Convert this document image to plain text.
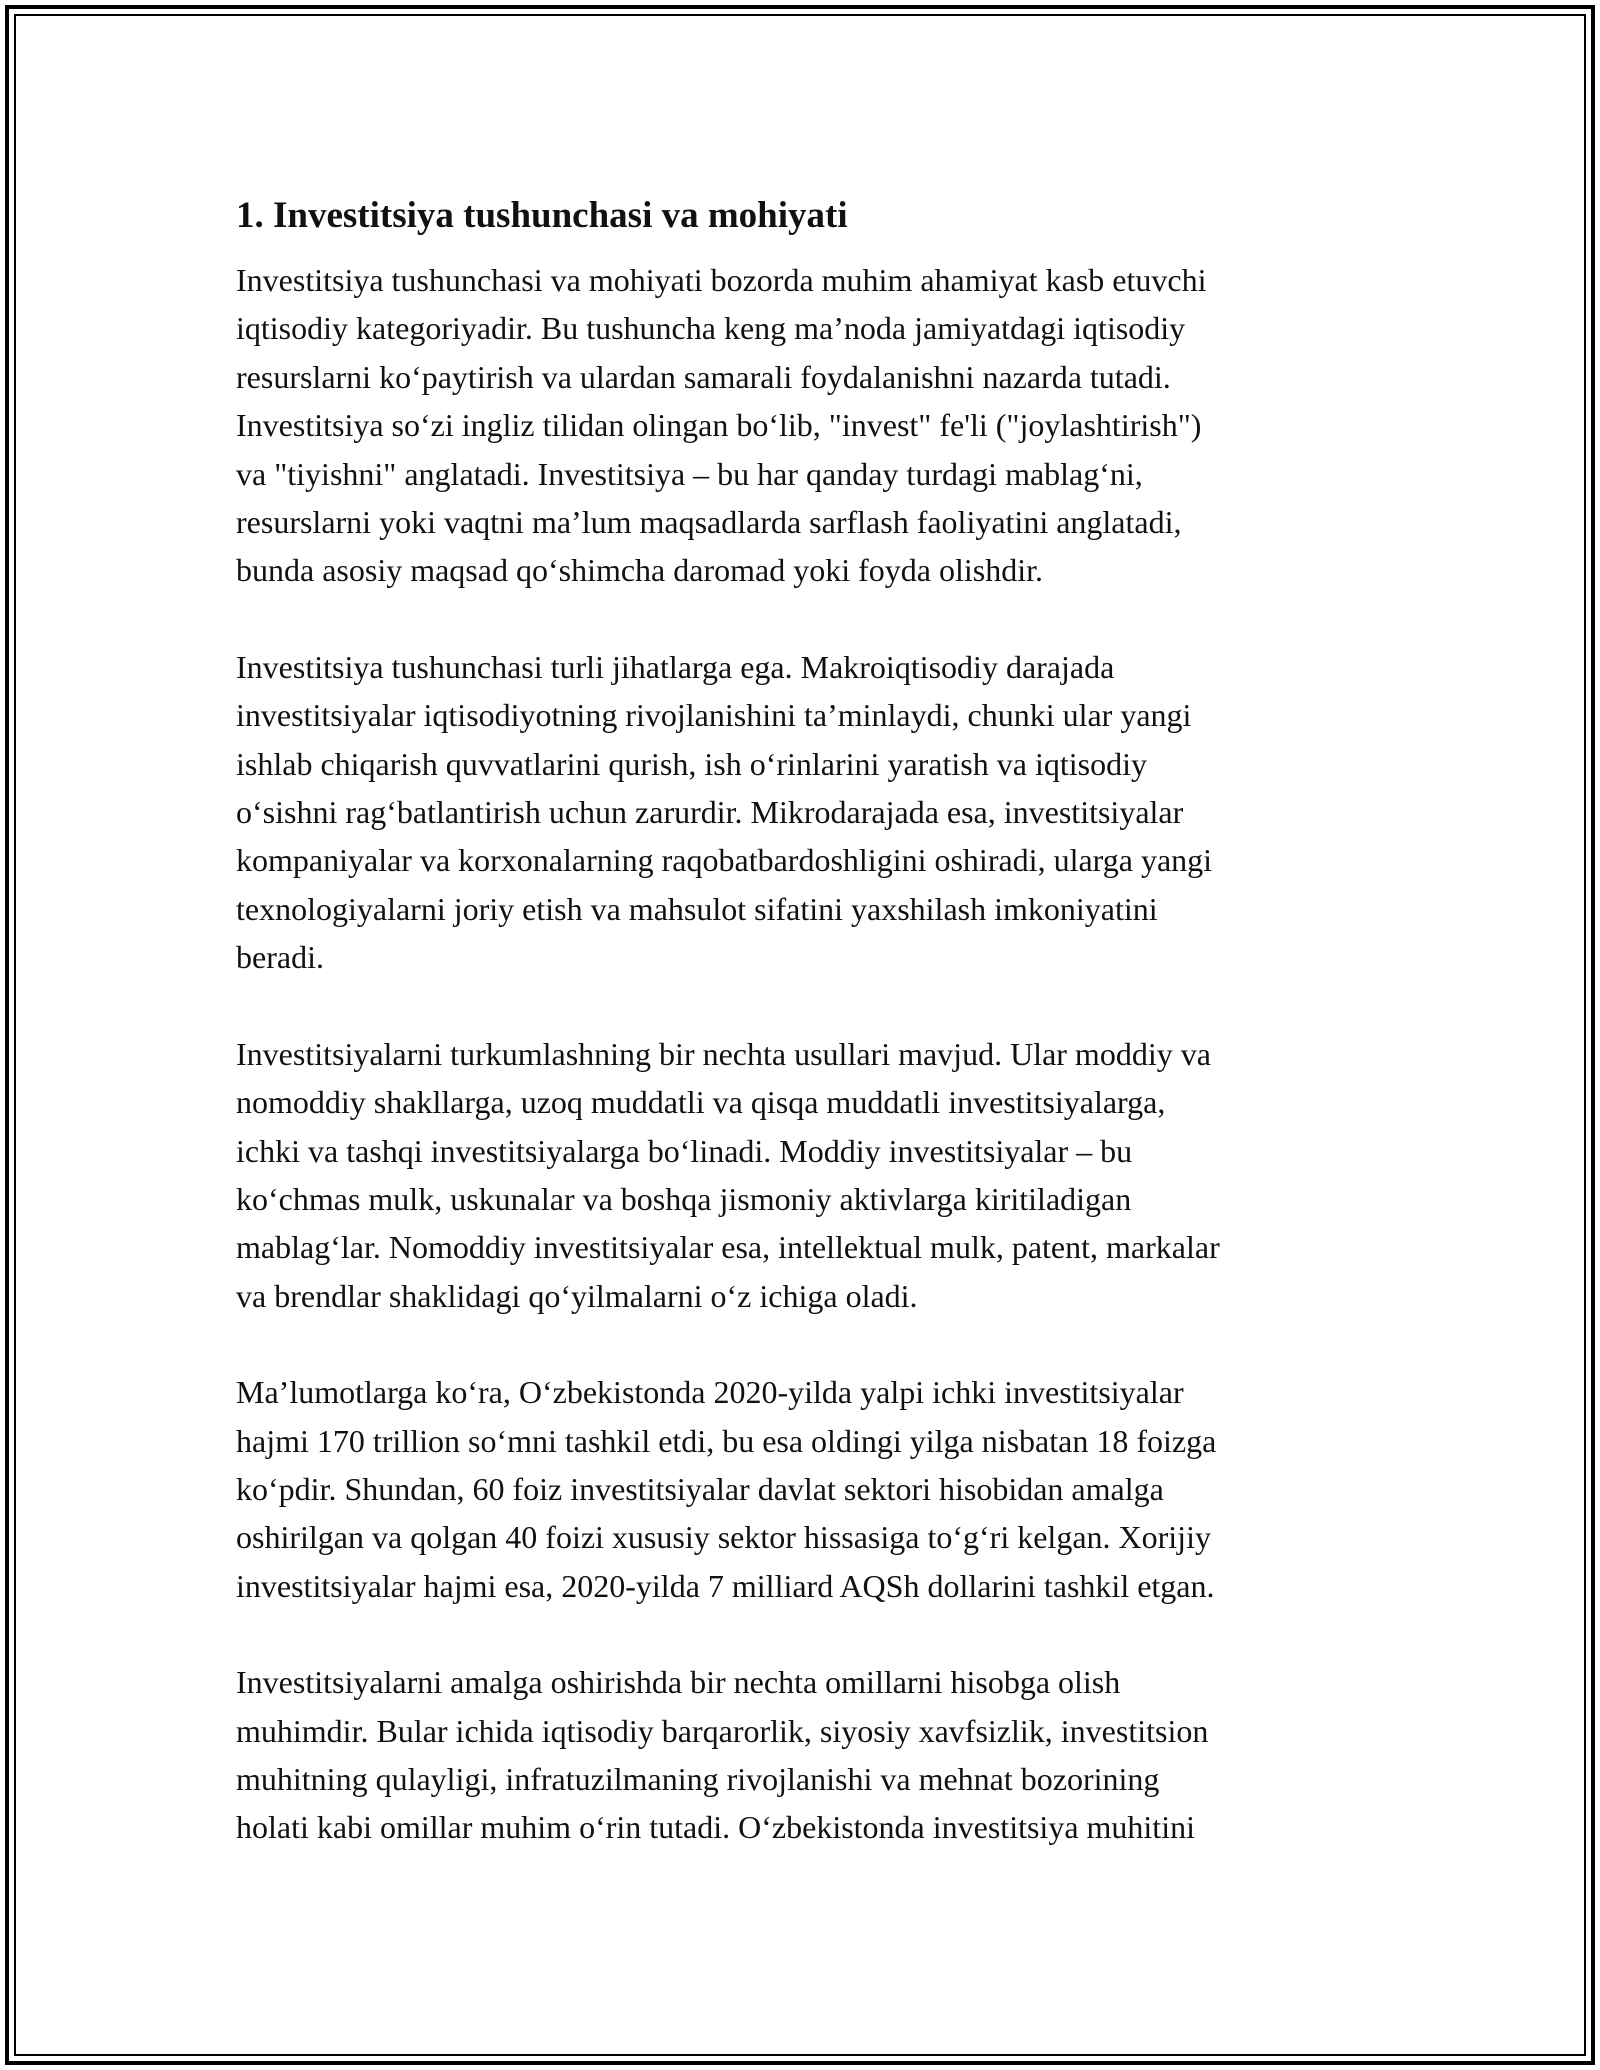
1. Investitsiya tushunchasi va mohiyati
Investitsiya tushunchasi va mohiyati bozorda muhim ahamiyat kasb etuvchi
iqtisodiy kategoriyadir. Bu tushuncha keng ma’noda jamiyatdagi iqtisodiy
resurslarni ko‘paytirish va ulardan samarali foydalanishni nazarda tutadi.
Investitsiya so‘zi ingliz tilidan olingan bo‘lib, "invest" fe'li ("joylashtirish")
va "tiyishni" anglatadi. Investitsiya – bu har qanday turdagi mablag‘ni,
resurslarni yoki vaqtni ma’lum maqsadlarda sarflash faoliyatini anglatadi,
bunda asosiy maqsad qo‘shimcha daromad yoki foyda olishdir.
Investitsiya tushunchasi turli jihatlarga ega. Makroiqtisodiy darajada
investitsiyalar iqtisodiyotning rivojlanishini ta’minlaydi, chunki ular yangi
ishlab chiqarish quvvatlarini qurish, ish o‘rinlarini yaratish va iqtisodiy
o‘sishni rag‘batlantirish uchun zarurdir. Mikrodarajada esa, investitsiyalar
kompaniyalar va korxonalarning raqobatbardoshligini oshiradi, ularga yangi
texnologiyalarni joriy etish va mahsulot sifatini yaxshilash imkoniyatini
beradi.
Investitsiyalarni turkumlashning bir nechta usullari mavjud. Ular moddiy va
nomoddiy shakllarga, uzoq muddatli va qisqa muddatli investitsiyalarga,
ichki va tashqi investitsiyalarga bo‘linadi. Moddiy investitsiyalar – bu
ko‘chmas mulk, uskunalar va boshqa jismoniy aktivlarga kiritiladigan
mablag‘lar. Nomoddiy investitsiyalar esa, intellektual mulk, patent, markalar
va brendlar shaklidagi qo‘yilmalarni o‘z ichiga oladi.
Ma’lumotlarga ko‘ra, O‘zbekistonda 2020-yilda yalpi ichki investitsiyalar
hajmi 170 trillion so‘mni tashkil etdi, bu esa oldingi yilga nisbatan 18 foizga
ko‘pdir. Shundan, 60 foiz investitsiyalar davlat sektori hisobidan amalga
oshirilgan va qolgan 40 foizi xususiy sektor hissasiga to‘g‘ri kelgan. Xorijiy
investitsiyalar hajmi esa, 2020-yilda 7 milliard AQSh dollarini tashkil etgan.
Investitsiyalarni amalga oshirishda bir nechta omillarni hisobga olish
muhimdir. Bular ichida iqtisodiy barqarorlik, siyosiy xavfsizlik, investitsion
muhitning qulayligi, infratuzilmaning rivojlanishi va mehnat bozorining
holati kabi omillar muhim o‘rin tutadi. O‘zbekistonda investitsiya muhitini
